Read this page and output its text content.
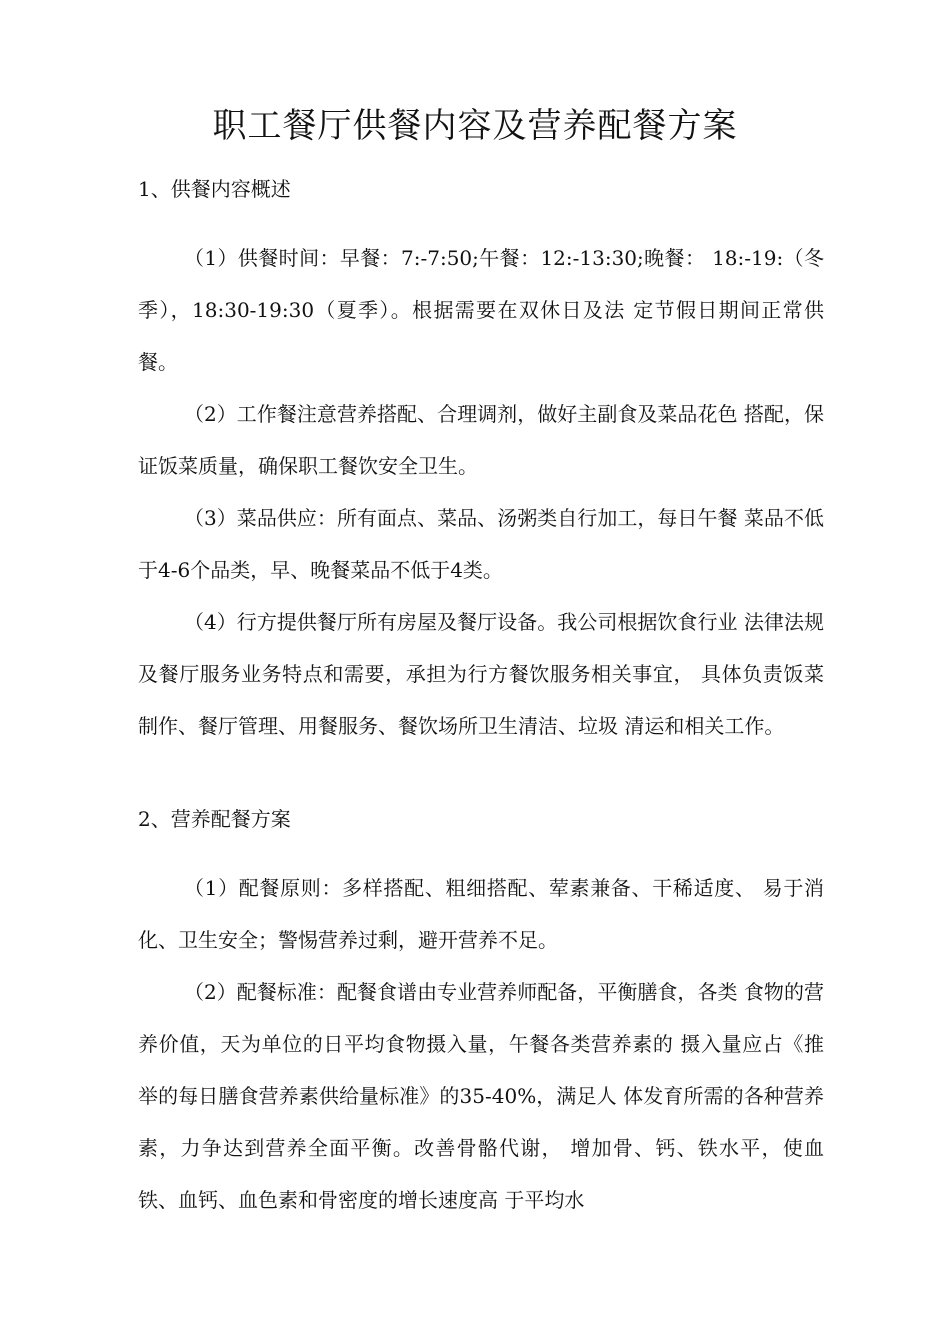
职工餐厅供餐内容及营养配餐方案
1、供餐内容概述

（1）供餐时间：早餐：7:-7:50;午餐：12:-13:30;晚餐： 18:-19:（冬季），18:30-19:30（夏季）。根据需要在双休日及法 定节假日期间正常供餐。

（2）工作餐注意营养搭配、合理调剂，做好主副食及菜品花色 搭配，保证饭菜质量，确保职工餐饮安全卫生。

（3）菜品供应：所有面点、菜品、汤粥类自行加工，每日午餐 菜品不低于4-6个品类，早、晚餐菜品不低于4类。

（4）行方提供餐厅所有房屋及餐厅设备。我公司根据饮食行业 法律法规及餐厅服务业务特点和需要，承担为行方餐饮服务相关事宜， 具体负责饭菜制作、餐厅管理、用餐服务、餐饮场所卫生清洁、垃圾 清运和相关工作。

2、营养配餐方案

（1）配餐原则：多样搭配、粗细搭配、荤素兼备、干稀适度、 易于消化、卫生安全；警惕营养过剩，避开营养不足。

（2）配餐标准：配餐食谱由专业营养师配备，平衡膳食，各类 食物的营养价值，天为单位的日平均食物摄入量，午餐各类营养素的 摄入量应占《推举的每日膳食营养素供给量标准》的35-40%，满足人 体发育所需的各种营养素，力争达到营养全面平衡。改善骨骼代谢， 增加骨、钙、铁水平，使血铁、血钙、血色素和骨密度的增长速度高 于平均水
